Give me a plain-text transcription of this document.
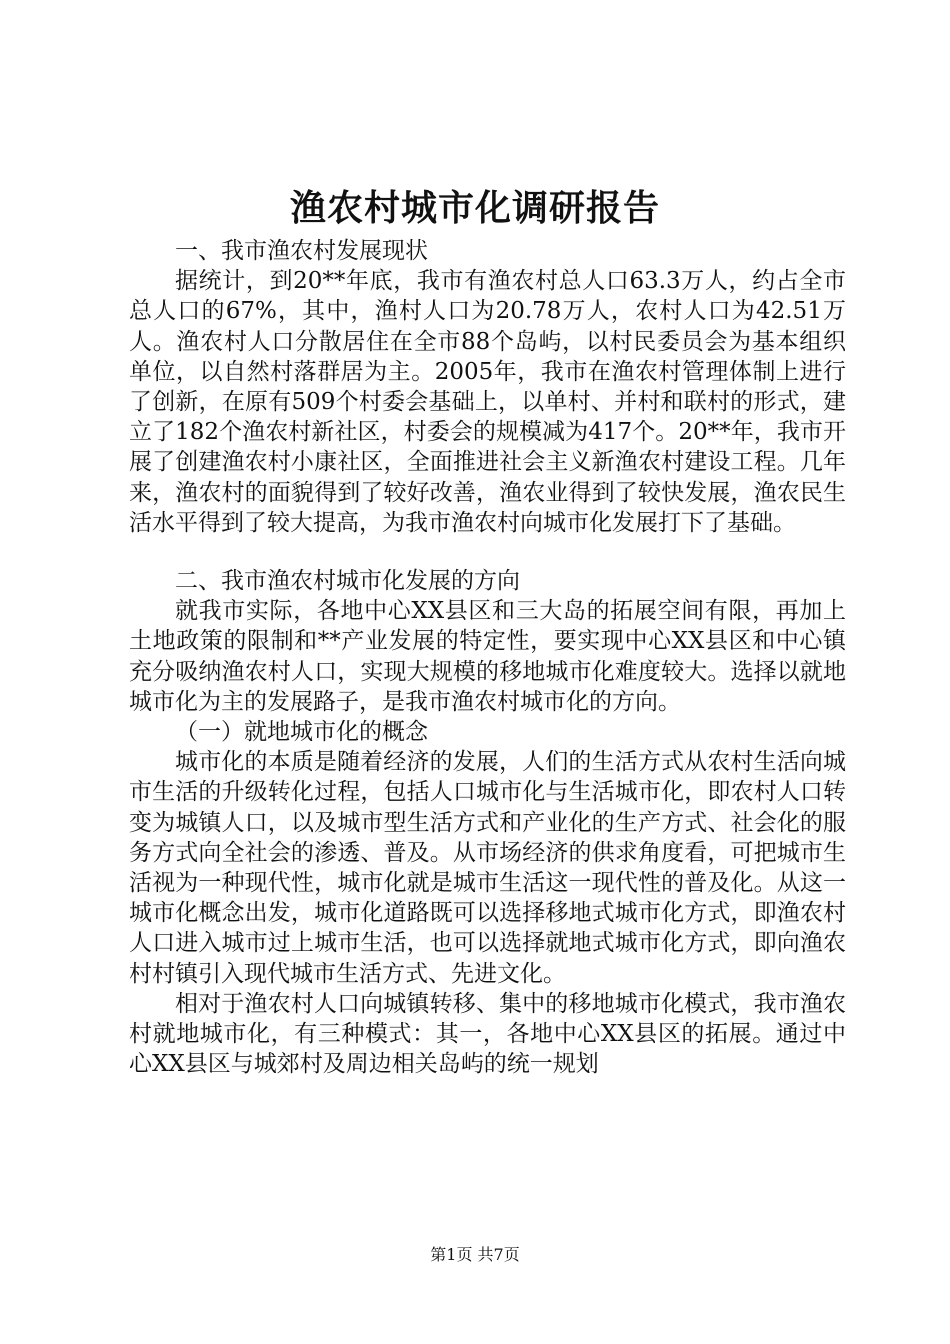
渔农村城市化调研报告
一、我市渔农村发展现状

据统计，到20**年底，我市有渔农村总人口63.3万人，约占全市总人口的67%，其中，渔村人口为20.78万人，农村人口为42.51万人。渔农村人口分散居住在全市88个岛屿，以村民委员会为基本组织单位，以自然村落群居为主。2005年，我市在渔农村管理体制上进行了创新，在原有509个村委会基础上，以单村、并村和联村的形式，建立了182个渔农村新社区，村委会的规模减为417个。20**年，我市开展了创建渔农村小康社区，全面推进社会主义新渔农村建设工程。几年来，渔农村的面貌得到了较好改善，渔农业得到了较快发展，渔农民生活水平得到了较大提高，为我市渔农村向城市化发展打下了基础。

二、我市渔农村城市化发展的方向

就我市实际，各地中心XX县区和三大岛的拓展空间有限，再加上土地政策的限制和**产业发展的特定性，要实现中心XX县区和中心镇充分吸纳渔农村人口，实现大规模的移地城市化难度较大。选择以就地城市化为主的发展路子，是我市渔农村城市化的方向。

（一）就地城市化的概念

城市化的本质是随着经济的发展，人们的生活方式从农村生活向城市生活的升级转化过程，包括人口城市化与生活城市化，即农村人口转变为城镇人口，以及城市型生活方式和产业化的生产方式、社会化的服务方式向全社会的渗透、普及。从市场经济的供求角度看，可把城市生活视为一种现代性，城市化就是城市生活这一现代性的普及化。从这一城市化概念出发，城市化道路既可以选择移地式城市化方式，即渔农村人口进入城市过上城市生活，也可以选择就地式城市化方式，即向渔农村村镇引入现代城市生活方式、先进文化。

相对于渔农村人口向城镇转移、集中的移地城市化模式，我市渔农村就地城市化，有三种模式：其一，各地中心XX县区的拓展。通过中心XX县区与城郊村及周边相关岛屿的统一规划

第1页 共7页
